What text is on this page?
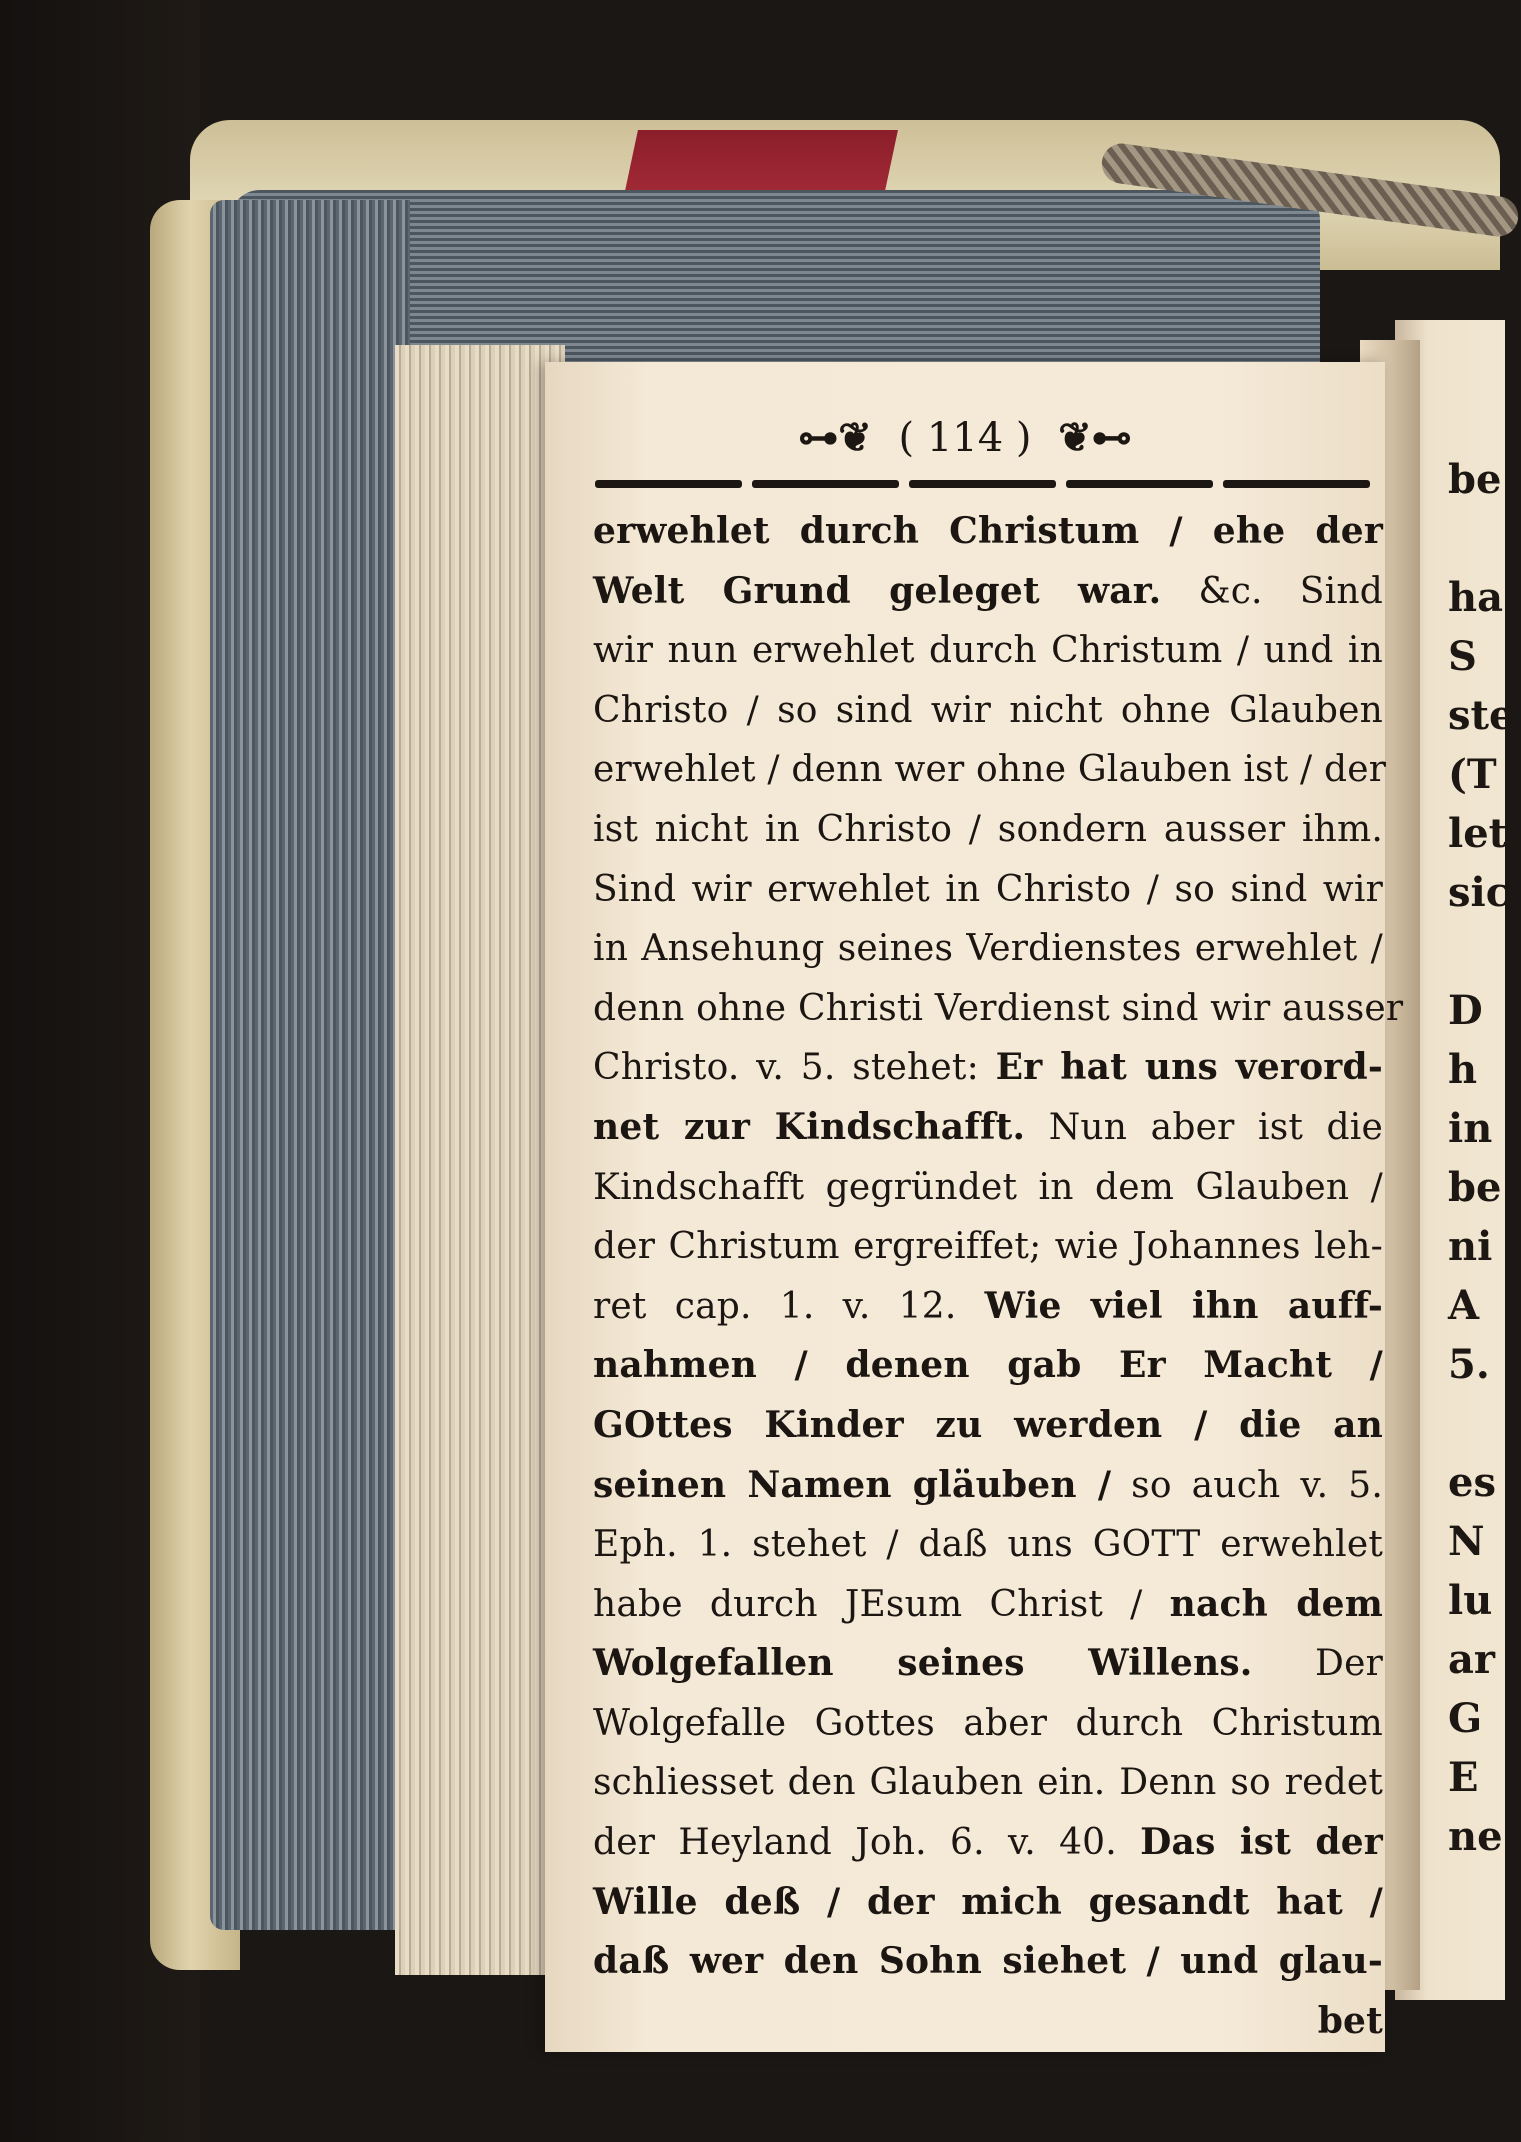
be
ha
S
ste
(T
let
sic
D
h
in
be
ni
A
5.
es
N
lu
ar
G
E
ne
⊶❦ ( 114 ) ❦⊷
erwehlet durch Christum / ehe der
Welt Grund geleget war. &c. Sind
wir nun erwehlet durch Christum / und in
Christo / so sind wir nicht ohne Glauben
erwehlet / denn wer ohne Glauben ist / der
ist nicht in Christo / sondern ausser ihm.
Sind wir erwehlet in Christo / so sind wir
in Ansehung seines Verdienstes erwehlet /
denn ohne Christi Verdienst sind wir ausser
Christo. v. 5. stehet: Er hat uns verord-
net zur Kindschafft. Nun aber ist die
Kindschafft gegründet in dem Glauben /
der Christum ergreiffet; wie Johannes leh-
ret cap. 1. v. 12. Wie viel ihn auff-
nahmen / denen gab Er Macht /
GOttes Kinder zu werden / die an
seinen Namen gläuben / so auch v. 5.
Eph. 1. stehet / daß uns GOTT erwehlet
habe durch JEsum Christ / nach dem
Wolgefallen seines Willens. Der
Wolgefalle Gottes aber durch Christum
schliesset den Glauben ein. Denn so redet
der Heyland Joh. 6. v. 40. Das ist der
Wille deß / der mich gesandt hat /
daß wer den Sohn siehet / und glau-
bet
